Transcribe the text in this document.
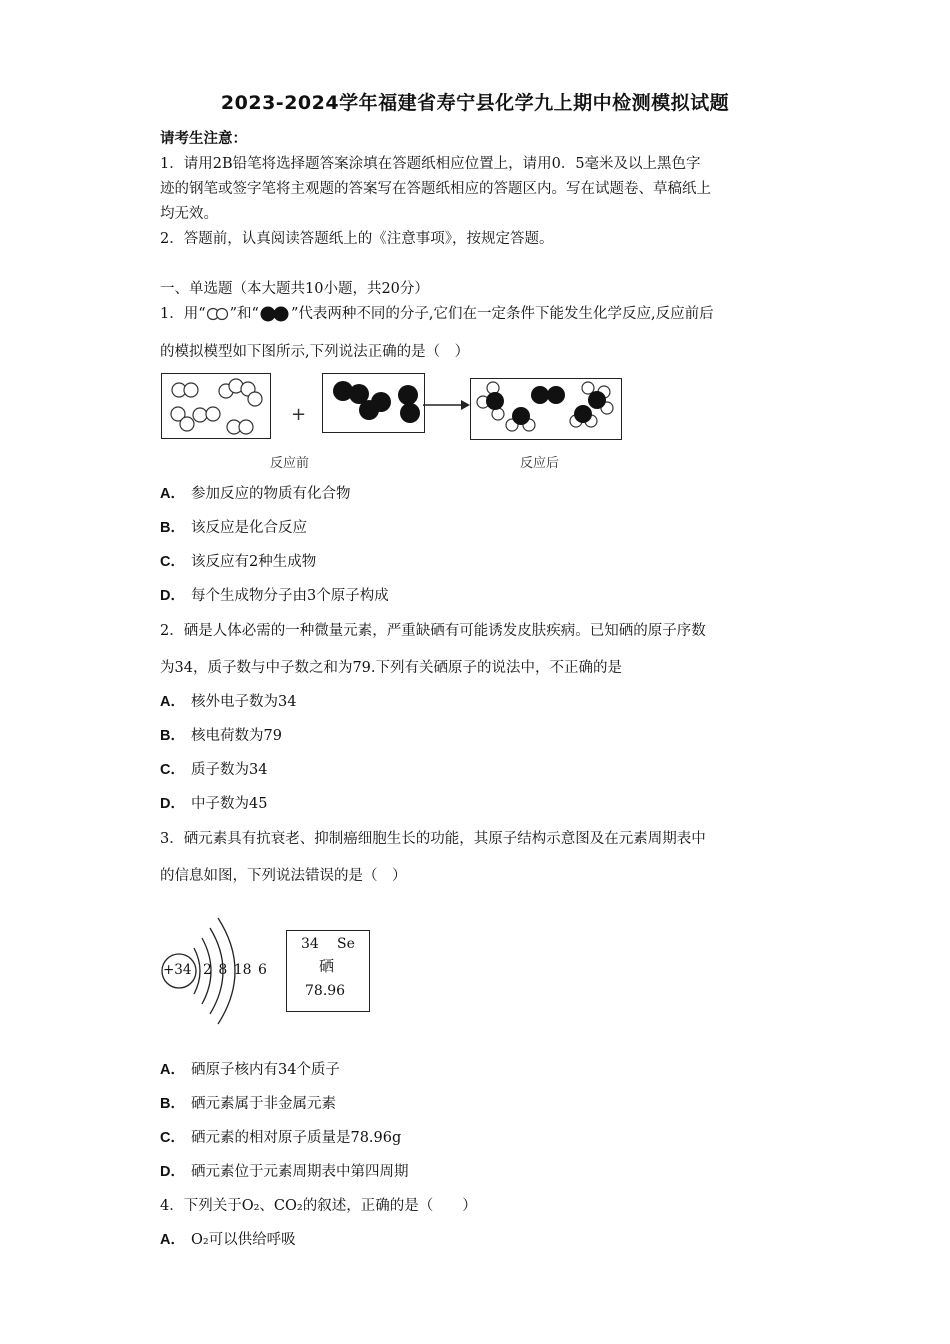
2023-2024学年福建省寿宁县化学九上期中检测模拟试题
请考生注意：
1．请用2B铅笔将选择题答案涂填在答题纸相应位置上，请用0．5毫米及以上黑色字
迹的钢笔或签字笔将主观题的答案写在答题纸相应的答题区内。写在试题卷、草稿纸上
均无效。
2．答题前，认真阅读答题纸上的《注意事项》，按规定答题。
一、单选题（本大题共10小题，共20分）
1．用“ ”和“ ”代表两种不同的分子,它们在一定条件下能发生化学反应,反应前后
的模拟模型如下图所示,下列说法正确的是（　）
+
反应前	反应后
A． 参加反应的物质有化合物
B． 该反应是化合反应
C． 该反应有2种生成物
D． 每个生成物分子由3个原子构成
2．硒是人体必需的一种微量元素，严重缺硒有可能诱发皮肤疾病。已知硒的原子序数
为34，质子数与中子数之和为79.下列有关硒原子的说法中，不正确的是
A． 核外电子数为34
B． 核电荷数为79
C． 质子数为34
D． 中子数为45
3．硒元素具有抗衰老、抑制癌细胞生长的功能，其原子结构示意图及在元素周期表中
的信息如图，下列说法错误的是（　）
+34 2 8 18 6
34 Se
硒
78.96
A． 硒原子核内有34个质子
B． 硒元素属于非金属元素
C． 硒元素的相对原子质量是78.96g
D． 硒元素位于元素周期表中第四周期
4．下列关于O₂、CO₂的叙述，正确的是（　　）
A． O₂可以供给呼吸
